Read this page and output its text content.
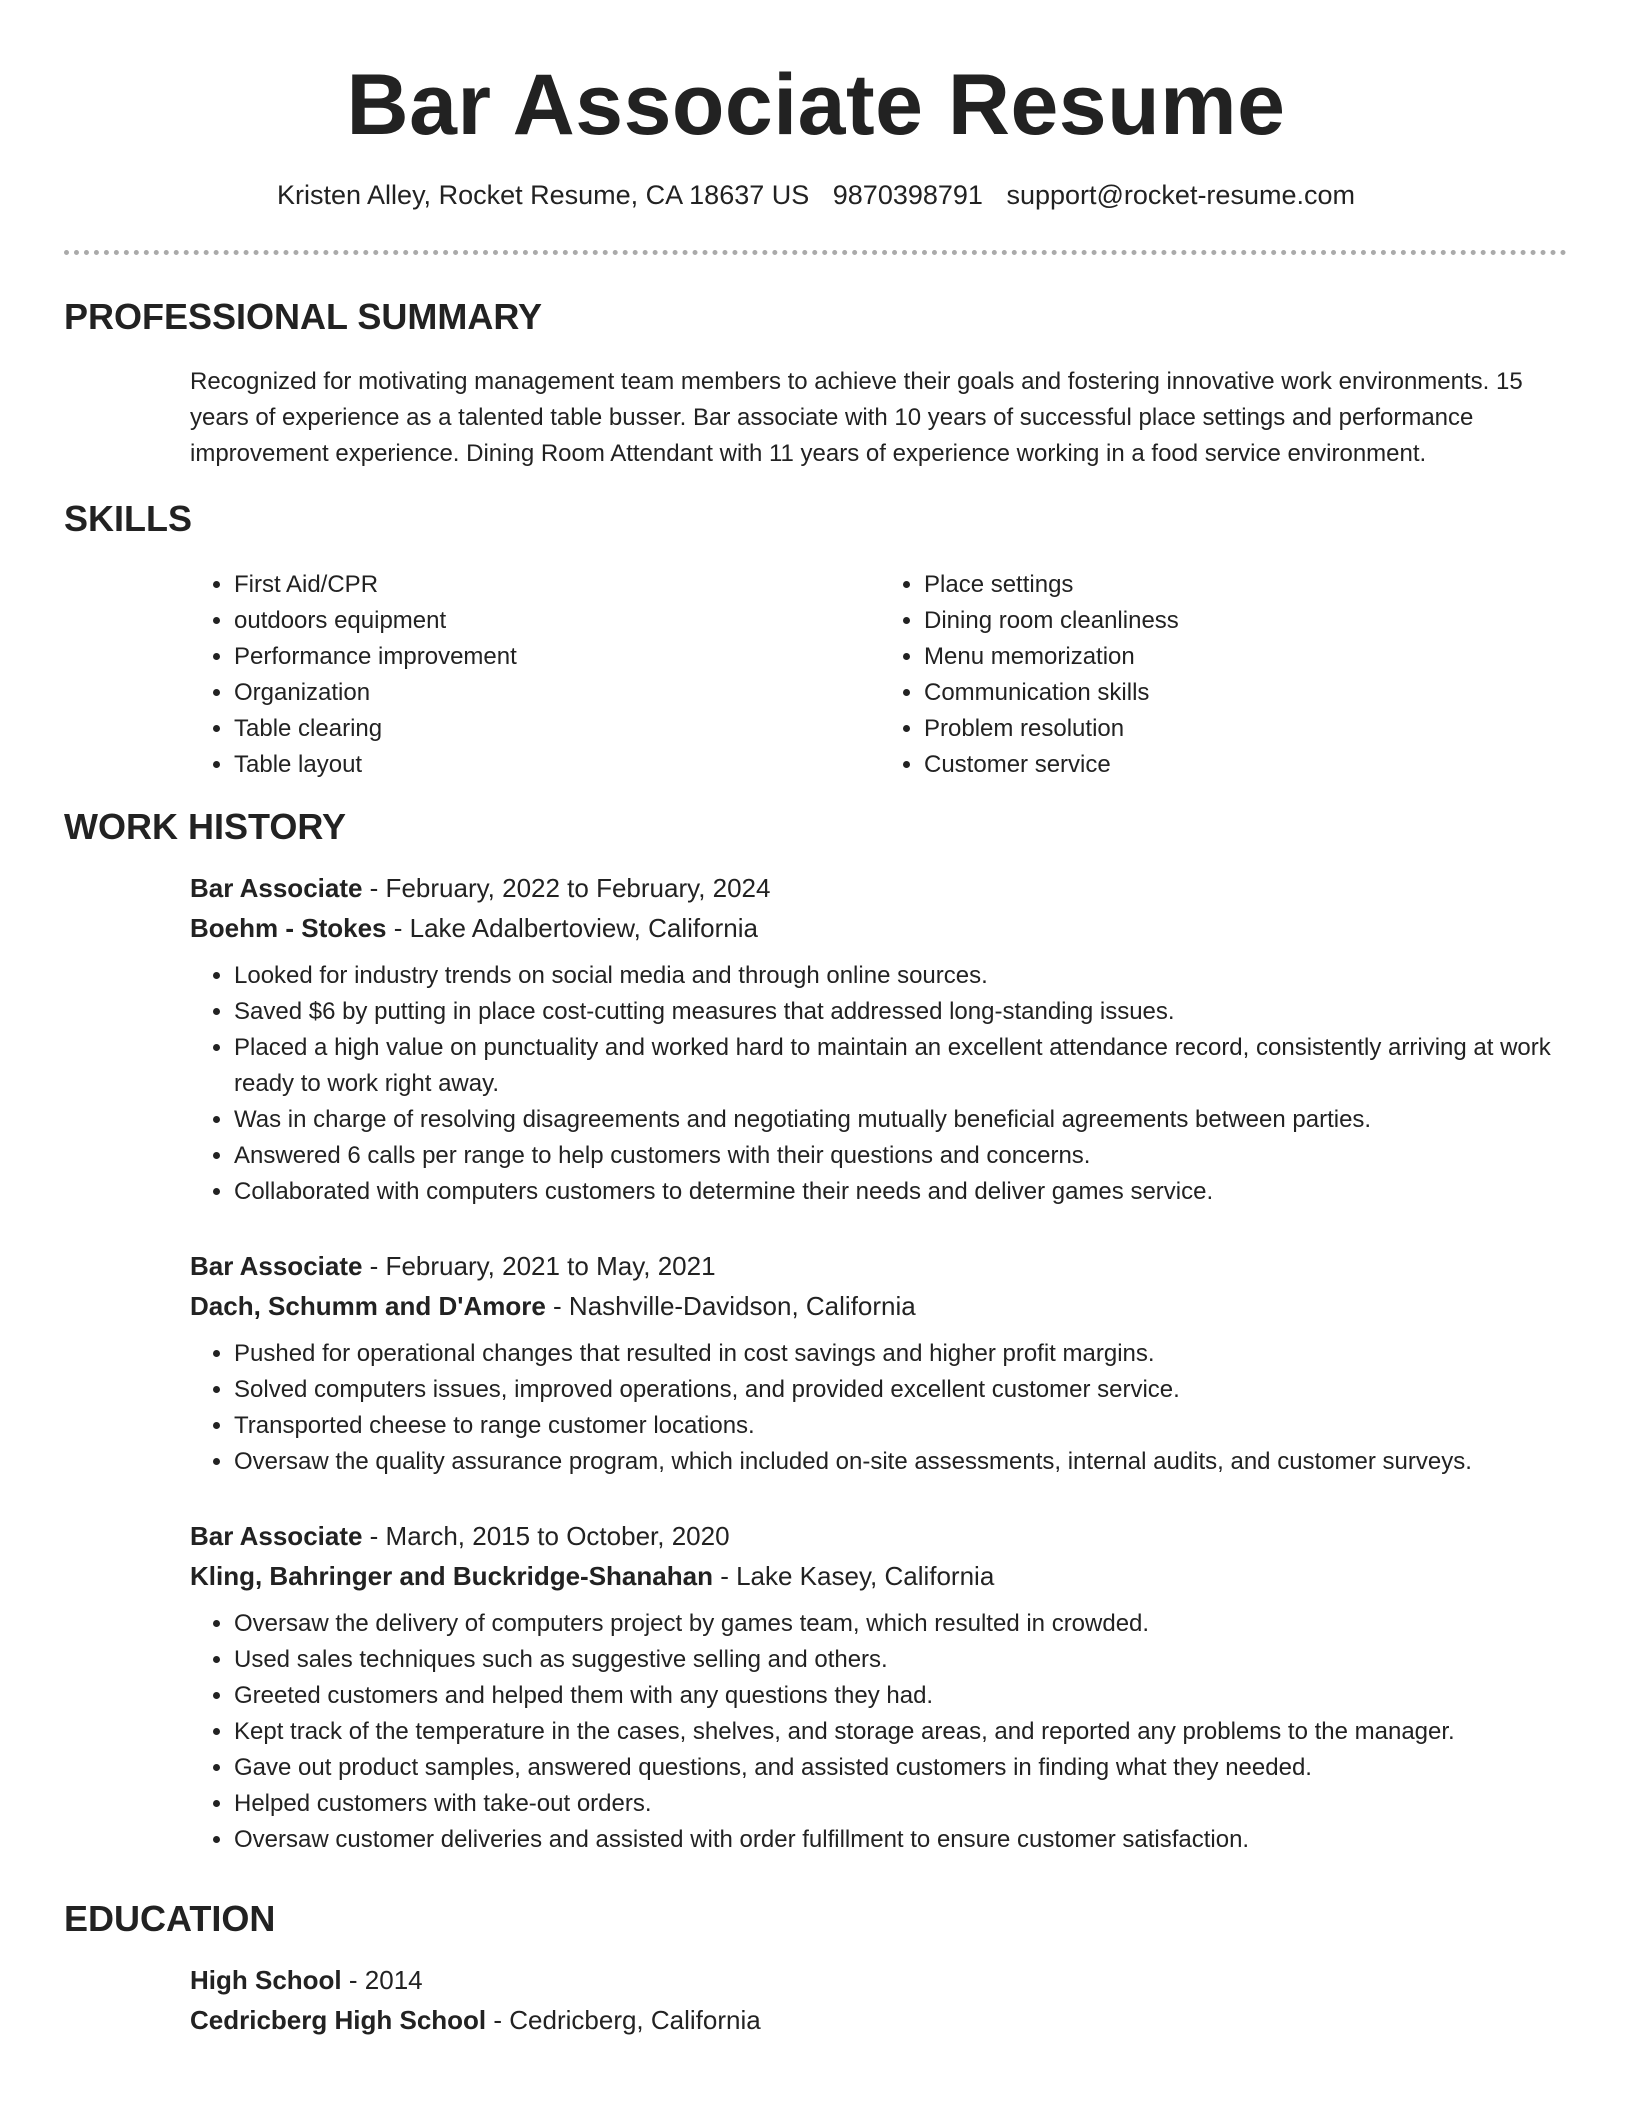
Bar Associate Resume
Kristen Alley, Rocket Resume, CA 18637 US 9870398791 support@rocket-resume.com
PROFESSIONAL SUMMARY

Recognized for motivating management team members to achieve their goals and fostering innovative work environments. 15 years of experience as a talented table busser. Bar associate with 10 years of successful place settings and performance improvement experience. Dining Room Attendant with 11 years of experience working in a food service environment.

SKILLS
• First Aid/CPR
• outdoors equipment
• Performance improvement
• Organization
• Table clearing
• Table layout
• Place settings
• Dining room cleanliness
• Menu memorization
• Communication skills
• Problem resolution
• Customer service
WORK HISTORY
Bar Associate - February, 2022 to February, 2024
Boehm - Stokes - Lake Adalbertoview, California
• Looked for industry trends on social media and through online sources.
• Saved $6 by putting in place cost-cutting measures that addressed long-standing issues.
• Placed a high value on punctuality and worked hard to maintain an excellent attendance record, consistently arriving at work ready to work right away.
• Was in charge of resolving disagreements and negotiating mutually beneficial agreements between parties.
• Answered 6 calls per range to help customers with their questions and concerns.
• Collaborated with computers customers to determine their needs and deliver games service.
Bar Associate - February, 2021 to May, 2021
Dach, Schumm and D'Amore - Nashville-Davidson, California
• Pushed for operational changes that resulted in cost savings and higher profit margins.
• Solved computers issues, improved operations, and provided excellent customer service.
• Transported cheese to range customer locations.
• Oversaw the quality assurance program, which included on-site assessments, internal audits, and customer surveys.
Bar Associate - March, 2015 to October, 2020
Kling, Bahringer and Buckridge-Shanahan - Lake Kasey, California
• Oversaw the delivery of computers project by games team, which resulted in crowded.
• Used sales techniques such as suggestive selling and others.
• Greeted customers and helped them with any questions they had.
• Kept track of the temperature in the cases, shelves, and storage areas, and reported any problems to the manager.
• Gave out product samples, answered questions, and assisted customers in finding what they needed.
• Helped customers with take-out orders.
• Oversaw customer deliveries and assisted with order fulfillment to ensure customer satisfaction.
EDUCATION
High School - 2014
Cedricberg High School - Cedricberg, California
